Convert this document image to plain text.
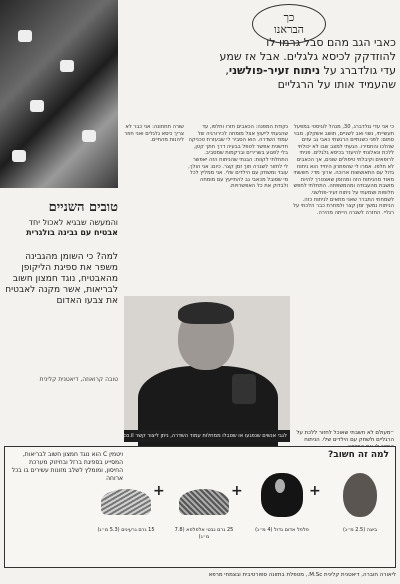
כך
הבראנו
כאבי הגב מהם סבל גרמו לו
להוזדקק לכיסא גלגלים. אבל אז שמע
עדי גולדברג על ניתוח זעיר-פולשני,
שהעמיד אותו על הרגליים
כי אני עדי גולדברג, 30, מנהל לוגיסטי במפעל תעשייתי, נשוי ואב לשניים, תושב אשקלון. מבוי סתום: לפני כשנתיים הרגשתי כאבי גב עזים שהלכו והחמירו. הגעתי למצב שבו לא יכולתי ללכת ונאלצתי להיעזר בכיסא גלגלים. פניתי לרופאים וקיבלתי טיפולים שונים, אך הכאבים לא חלפו. אמרו לי שהפתרון היחיד הוא ניתוח גדול עם התאוששות ארוכה. ארוך מדי: חששתי מאוד מהניתוח הזה ומהזמן שאצטרך להיות מושבת מהעבודה ומהמשפחה. התחלתי לחפש חלופות ושמעתי על ניתוח זעיר-פולשני. לשמחתי התברר שאני מתאים לניתוח כזה. הניתוח נמשך זמן קצר ולמחרת כבר הלכתי על רגליי. החזרה לשגרה הייתה מהירה.
נקודת המפנה: הכאבים חזרו וחלפו, עד שהגעתי לייעוץ אצל מומחה לכירורגיה של עמוד השדרה. הוא הסביר לי שבעזרת טכניקה חדשנית אפשר לטפל בבעיה דרך חתך קטן, בלי לפגוע בשרירים וברקמות שמסביב. התחלתי לקוות: הבנתי שהניתוח הזה יאפשר לי לחזור לשגרה תוך זמן קצר. כיום: אני הולך, עובד ומשחק עם הילדים שלי. אני ממליץ לכל מי שסובל מכאבי גב להתייעץ עם מומחה ולבדוק את כל האפשרויות.
שורה תחתונה: אני כבר לא צריך כיסא גלגלים ואני חוזר ליהנות מהחיים.
טובים השניים
והמעשה שבגיא לאכול יחד אבטיח עם גבינה בולגרית
למה? כי השומן מהגבינה משפר את ספיגת הליקופן מהאבטיח, נוגד חמצון חשוב לבריאות, אשר מקנה לאבטיח את צבעו האדום
טובה קרואוזה, דיאטנית קלינית
״מעולם לא חשבתי שאוכל לחזור ללכת על הרגליים ולשחק עם הילדים שלי. הניתוח
לגבי אנשים שנפגעו או שסבלו ממחלות עמוד השדרה, ניתן ליצור קשר heldi@laisha.co.il
למה זה חשוב?
ויטמין C הוא נוגד חמצון חשוב לבריאות, המסייע בספיגת ברזל ובחיזוק מערכת החיסון, ומומלץ לשלב מזונות עשירים בו בכל ארוחה
ביצה (2.5 מ״ג)
+
פלפל אדום גדול (4 מ״ג)
+
25 גרם נבטי אלפלפא (7.8 מ״ג)
+
15 גרם גרעינים (5.3 מ״ג)
ליאורה חוברה, דיאטנית קלינית M.Sc., מטפלת בתזונה ספורטיבית ובצמחי מרפא
